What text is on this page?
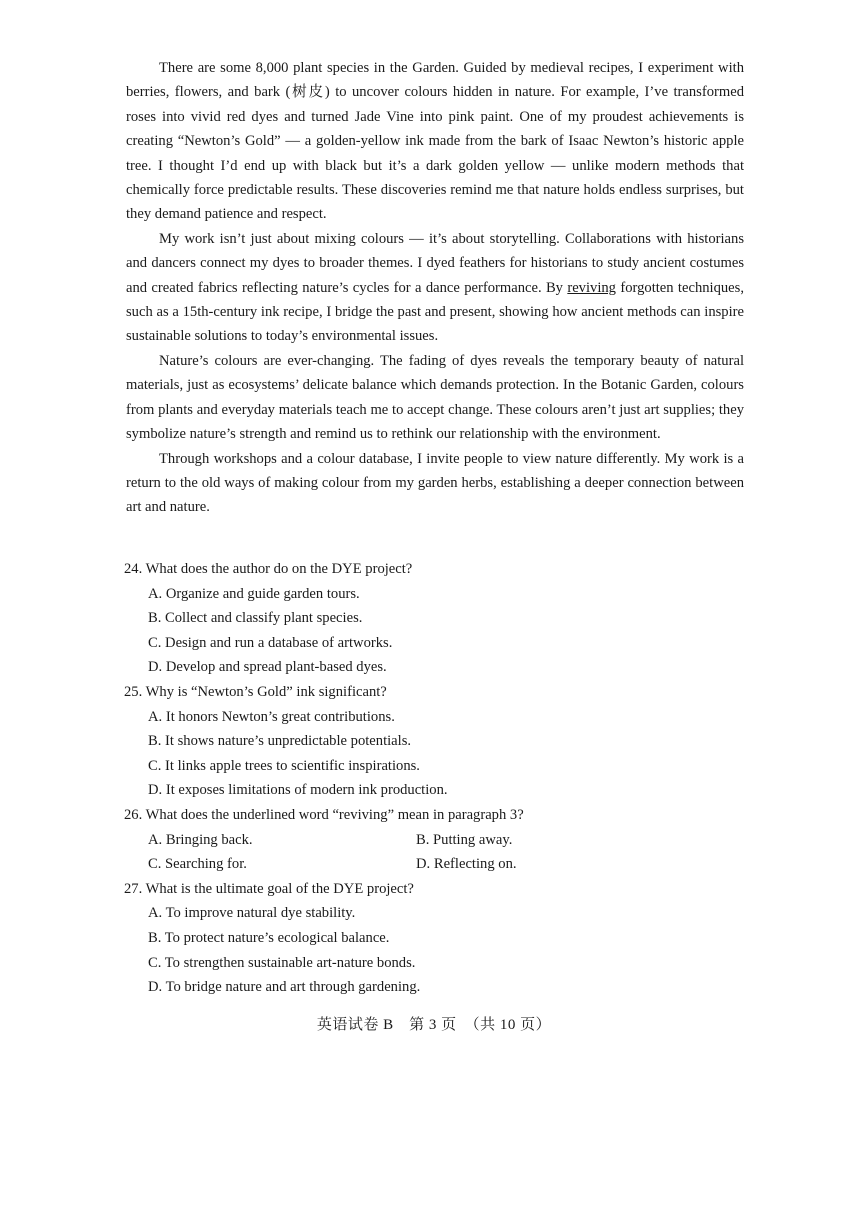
There are some 8,000 plant species in the Garden. Guided by medieval recipes, I experiment with berries, flowers, and bark (树皮) to uncover colours hidden in nature. For example, I’ve transformed roses into vivid red dyes and turned Jade Vine into pink paint. One of my proudest achievements is creating “Newton’s Gold” — a golden-yellow ink made from the bark of Isaac Newton’s historic apple tree. I thought I’d end up with black but it’s a dark golden yellow — unlike modern methods that chemically force predictable results. These discoveries remind me that nature holds endless surprises, but they demand patience and respect.

My work isn’t just about mixing colours — it’s about storytelling. Collaborations with historians and dancers connect my dyes to broader themes. I dyed feathers for historians to study ancient costumes and created fabrics reflecting nature’s cycles for a dance performance. By reviving forgotten techniques, such as a 15th-century ink recipe, I bridge the past and present, showing how ancient methods can inspire sustainable solutions to today’s environmental issues.

Nature’s colours are ever-changing. The fading of dyes reveals the temporary beauty of natural materials, just as ecosystems’ delicate balance which demands protection. In the Botanic Garden, colours from plants and everyday materials teach me to accept change. These colours aren’t just art supplies; they symbolize nature’s strength and remind us to rethink our relationship with the environment.

Through workshops and a colour database, I invite people to view nature differently. My work is a return to the old ways of making colour from my garden herbs, establishing a deeper connection between art and nature.

24. What does the author do on the DYE project?

A. Organize and guide garden tours.

B. Collect and classify plant species.

C. Design and run a database of artworks.

D. Develop and spread plant-based dyes.

25. Why is “Newton’s Gold” ink significant?

A. It honors Newton’s great contributions.

B. It shows nature’s unpredictable potentials.

C. It links apple trees to scientific inspirations.

D. It exposes limitations of modern ink production.

26. What does the underlined word “reviving” mean in paragraph 3?

A. Bringing back.	B. Putting away.

C. Searching for.	D. Reflecting on.

27. What is the ultimate goal of the DYE project?

A. To improve natural dye stability.

B. To protect nature’s ecological balance.

C. To strengthen sustainable art-nature bonds.

D. To bridge nature and art through gardening.

英语试卷 B　第 3 页　（共 10 页）
